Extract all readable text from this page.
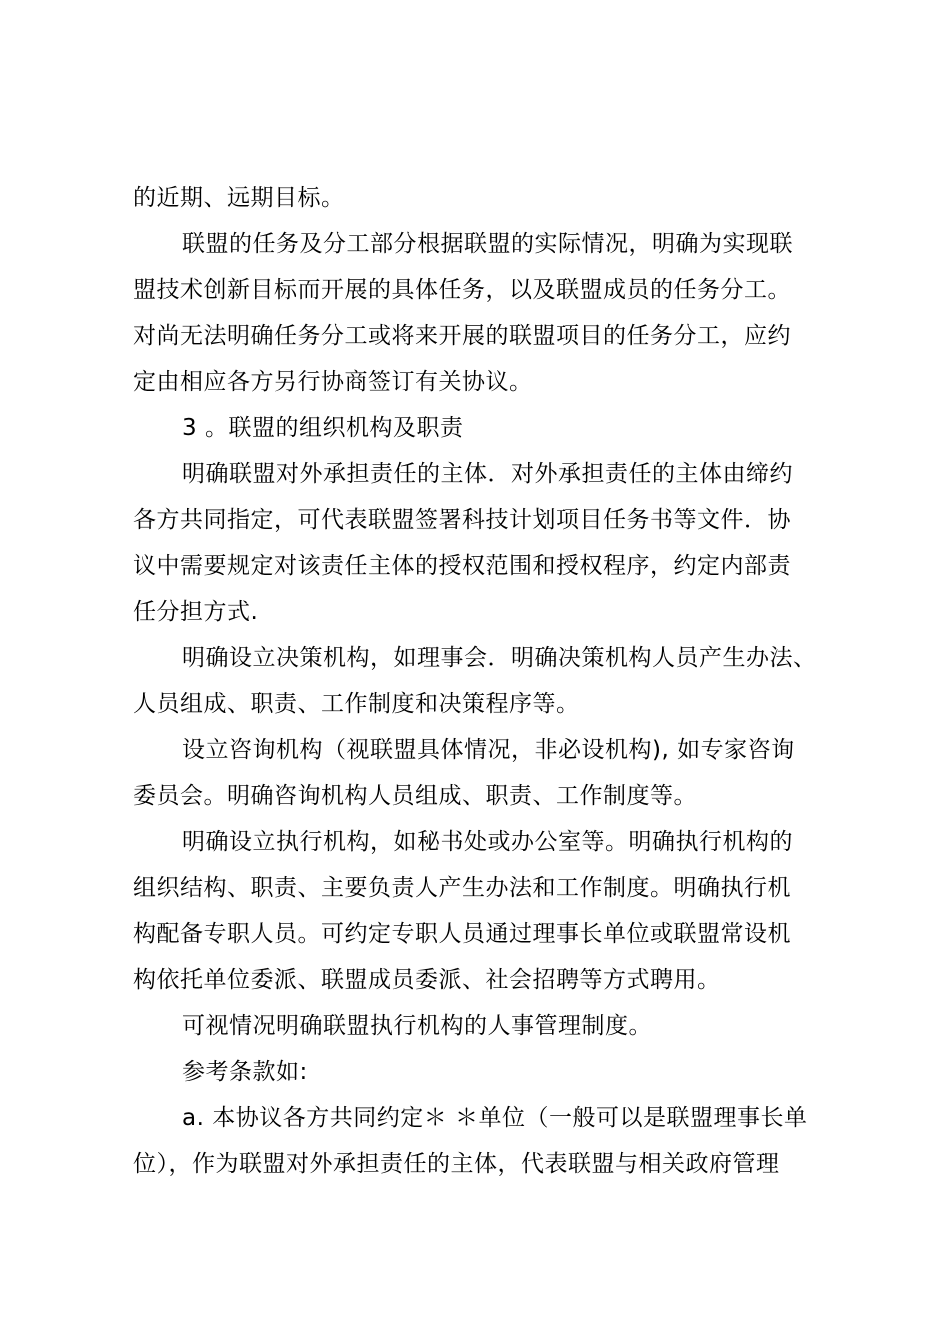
的近期、远期目标。

联盟的任务及分工部分根据联盟的实际情况，明确为实现联

盟技术创新目标而开展的具体任务，以及联盟成员的任务分工。

对尚无法明确任务分工或将来开展的联盟项目的任务分工，应约

定由相应各方另行协商签订有关协议。

3 。联盟的组织机构及职责

明确联盟对外承担责任的主体．对外承担责任的主体由缔约

各方共同指定，可代表联盟签署科技计划项目任务书等文件．协

议中需要规定对该责任主体的授权范围和授权程序，约定内部责

任分担方式.

明确设立决策机构，如理事会．明确决策机构人员产生办法、

人员组成、职责、工作制度和决策程序等。

设立咨询机构（视联盟具体情况，非必设机构), 如专家咨询

委员会。明确咨询机构人员组成、职责、工作制度等。

明确设立执行机构，如秘书处或办公室等。明确执行机构的

组织结构、职责、主要负责人产生办法和工作制度。明确执行机

构配备专职人员。可约定专职人员通过理事长单位或联盟常设机

构依托单位委派、联盟成员委派、社会招聘等方式聘用。

可视情况明确联盟执行机构的人事管理制度。

参考条款如:

a. 本协议各方共同约定＊ ＊单位（一般可以是联盟理事长单

位），作为联盟对外承担责任的主体，代表联盟与相关政府管理
